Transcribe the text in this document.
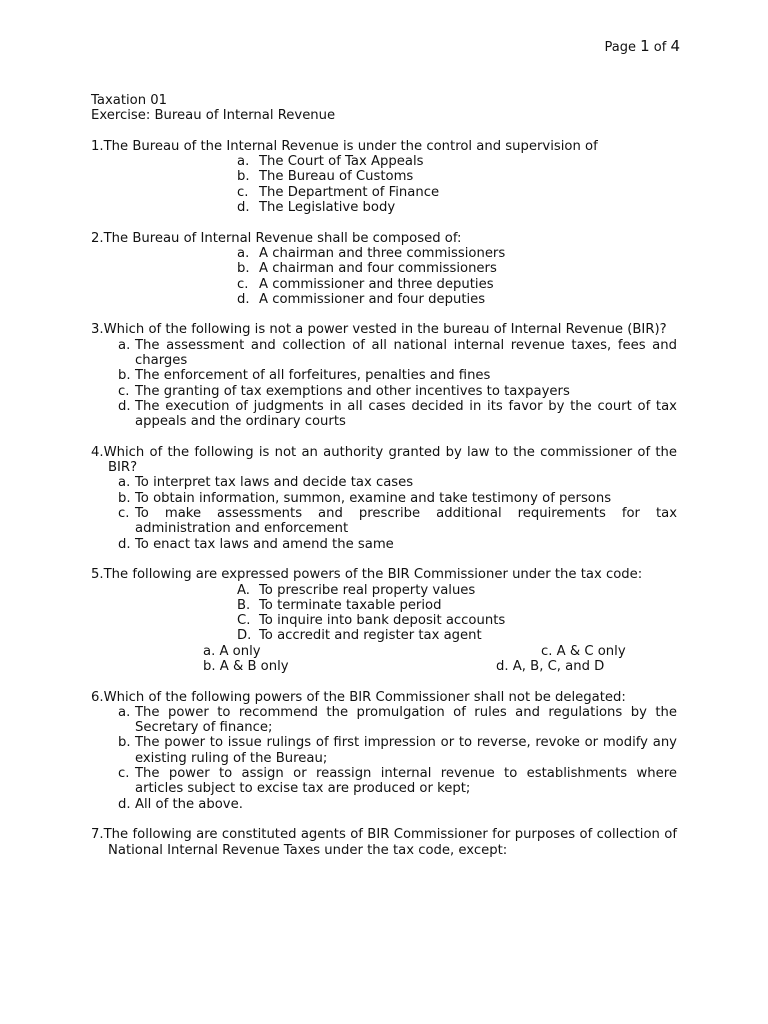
Page 1 of 4
Taxation 01
Exercise: Bureau of Internal Revenue
1.The Bureau of the Internal Revenue is under the control and supervision of
a. The Court of Tax Appeals
b. The Bureau of Customs
c. The Department of Finance
d. The Legislative body
2.The Bureau of Internal Revenue shall be composed of:
a. A chairman and three commissioners
b. A chairman and four commissioners
c. A commissioner and three deputies
d. A commissioner and four deputies
3.Which of the following is not a power vested in the bureau of Internal Revenue (BIR)?
a. The assessment and collection of all national internal revenue taxes, fees and charges
b. The enforcement of all forfeitures, penalties and fines
c. The granting of tax exemptions and other incentives to taxpayers
d. The execution of judgments in all cases decided in its favor by the court of tax appeals and the ordinary courts
4.Which of the following is not an authority granted by law to the commissioner of the BIR?
a. To interpret tax laws and decide tax cases
b. To obtain information, summon, examine and take testimony of persons
c. To make assessments and prescribe additional requirements for tax administration and enforcement
d. To enact tax laws and amend the same
5.The following are expressed powers of the BIR Commissioner under the tax code:
A. To prescribe real property values
B. To terminate taxable period
C. To inquire into bank deposit accounts
D. To accredit and register tax agent
a. A only	c. A & C only
b. A & B only	d. A, B, C, and D
6.Which of the following powers of the BIR Commissioner shall not be delegated:
a. The power to recommend the promulgation of rules and regulations by the Secretary of finance;
b. The power to issue rulings of first impression or to reverse, revoke or modify any existing ruling of the Bureau;
c. The power to assign or reassign internal revenue to establishments where articles subject to excise tax are produced or kept;
d. All of the above.
7.The following are constituted agents of BIR Commissioner for purposes of collection of National Internal Revenue Taxes under the tax code, except:
